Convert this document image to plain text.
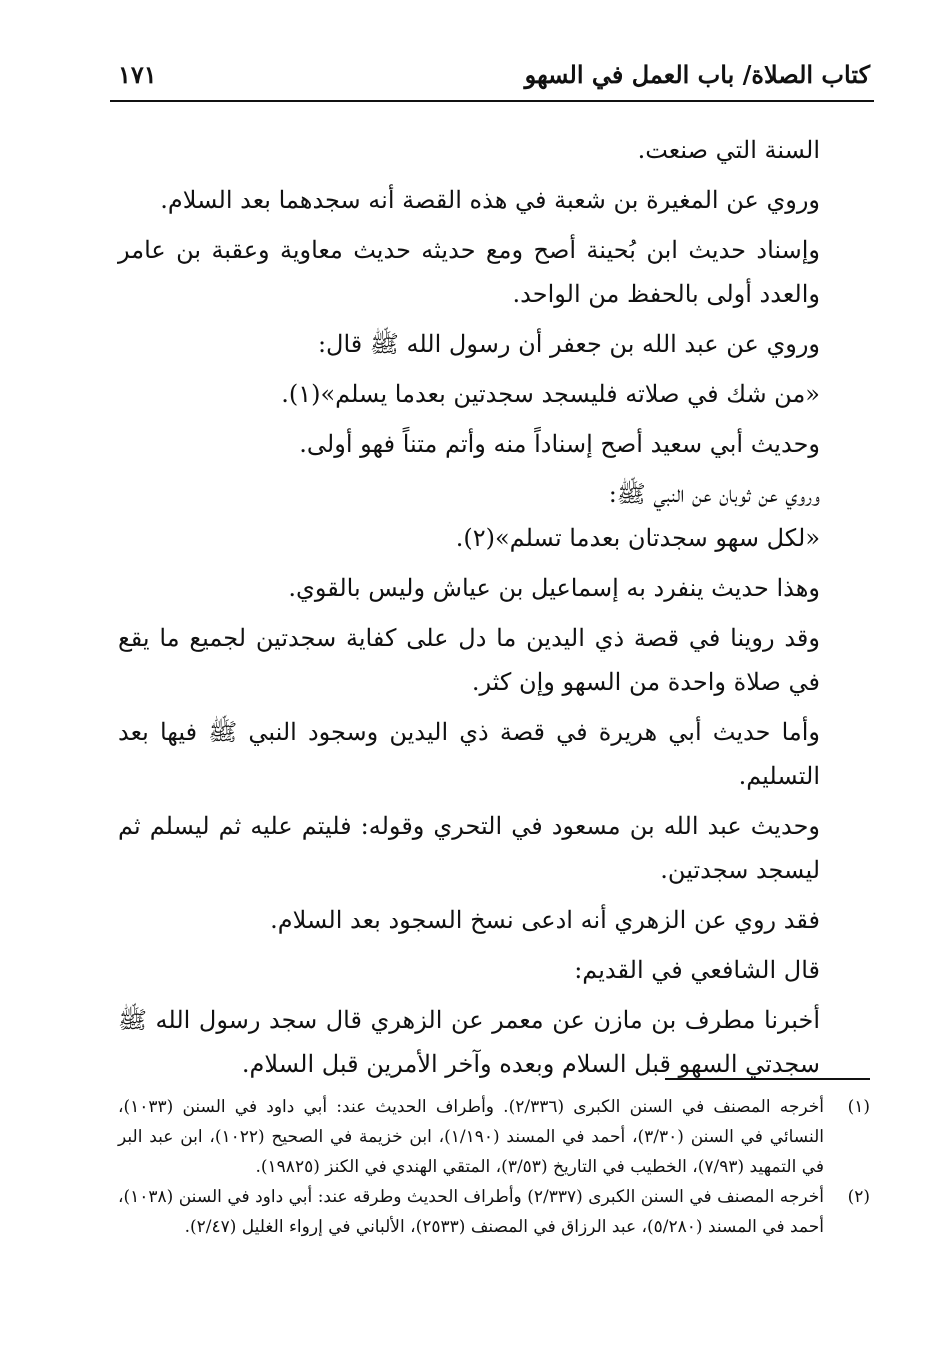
كتاب الصلاة/ باب العمل في السهو
١٧١

السنة التي صنعت.

وروي عن المغيرة بن شعبة في هذه القصة أنه سجدهما بعد السلام.

وإسناد حديث ابن بُحينة أصح ومع حديثه حديث معاوية وعقبة بن عامر والعدد أولى بالحفظ من الواحد.

وروي عن عبد الله بن جعفر أن رسول الله ﷺ قال:

«من شك في صلاته فليسجد سجدتين بعدما يسلم»(١).

وحديث أبي سعيد أصح إسناداً منه وأتم متناً فهو أولى.

وروي عن ثوبان عن النبي ﷺ:

«لكل سهو سجدتان بعدما تسلم»(٢).

وهذا حديث ينفرد به إسماعيل بن عياش وليس بالقوي.

وقد روينا في قصة ذي اليدين ما دل على كفاية سجدتين لجميع ما يقع في صلاة واحدة من السهو وإن كثر.

وأما حديث أبي هريرة في قصة ذي اليدين وسجود النبي ﷺ فيها بعد التسليم.

وحديث عبد الله بن مسعود في التحري وقوله: فليتم عليه ثم ليسلم ثم ليسجد سجدتين.

فقد روي عن الزهري أنه ادعى نسخ السجود بعد السلام.

قال الشافعي في القديم:

أخبرنا مطرف بن مازن عن معمر عن الزهري قال سجد رسول الله ﷺ سجدتي السهو قبل السلام وبعده وآخر الأمرين قبل السلام.

(١)
أخرجه المصنف في السنن الكبرى (٢/٣٣٦). وأطراف الحديث عند: أبي داود في السنن (١٠٣٣)، النسائي في السنن (٣/٣٠)، أحمد في المسند (١/١٩٠)، ابن خزيمة في الصحيح (١٠٢٢)، ابن عبد البر في التمهيد (٧/٩٣)، الخطيب في التاريخ (٣/٥٣)، المتقي الهندي في الكنز (١٩٨٢٥).

(٢)
أخرجه المصنف في السنن الكبرى (٢/٣٣٧) وأطراف الحديث وطرقه عند: أبي داود في السنن (١٠٣٨)، أحمد في المسند (٥/٢٨٠)، عبد الرزاق في المصنف (٢٥٣٣)، الألباني في إرواء الغليل (٢/٤٧).
